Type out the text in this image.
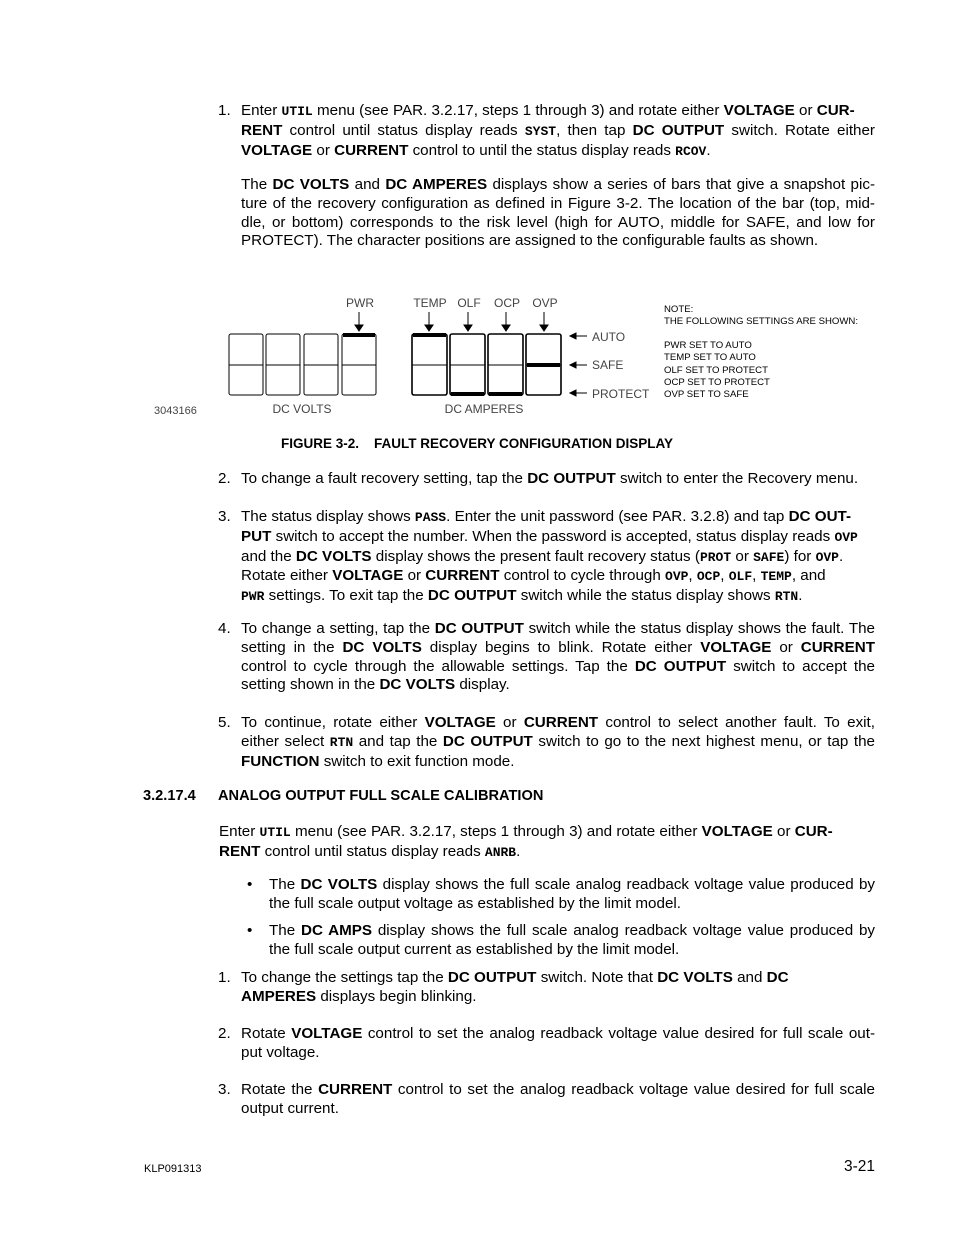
1. Enter UTIL menu (see PAR. 3.2.17, steps 1 through 3) and rotate either VOLTAGE or CUR-
RENT control until status display reads SYST, then tap DC OUTPUT switch. Rotate either VOLTAGE or CURRENT control to until the status display reads RCOV.
The DC VOLTS and DC AMPERES displays show a series of bars that give a snapshot pic-ture of the recovery configuration as defined in Figure 3-2. The location of the bar (top, mid-dle, or bottom) corresponds to the risk level (high for AUTO, middle for SAFE, and low for PROTECT). The character positions are assigned to the configurable faults as shown.
PWR	TEMP OLF OCP OVP
AUTO
SAFE
PROTECT
DC VOLTS	DC AMPERES
3043166
NOTE:
THE FOLLOWING SETTINGS ARE SHOWN:
PWR SET TO AUTO
TEMP SET TO AUTO
OLF SET TO PROTECT
OCP SET TO PROTECT
OVP SET TO SAFE
FIGURE 3-2.    FAULT RECOVERY CONFIGURATION DISPLAY
2. To change a fault recovery setting, tap the DC OUTPUT switch to enter the Recovery menu.
3. The status display shows PASS. Enter the unit password (see PAR. 3.2.8) and tap DC OUT-
PUT switch to accept the number. When the password is accepted, status display reads OVP
and the DC VOLTS display shows the present fault recovery status (PROT or SAFE) for OVP.
Rotate either VOLTAGE or CURRENT control to cycle through OVP, OCP, OLF, TEMP, and
PWR settings. To exit tap the DC OUTPUT switch while the status display shows RTN.
4. To change a setting, tap the DC OUTPUT switch while the status display shows the fault. The setting in the DC VOLTS display begins to blink. Rotate either VOLTAGE or CURRENT control to cycle through the allowable settings. Tap the DC OUTPUT switch to accept the setting shown in the DC VOLTS display.
5. To continue, rotate either VOLTAGE or CURRENT control to select another fault. To exit, either select RTN and tap the DC OUTPUT switch to go to the next highest menu, or tap the FUNCTION switch to exit function mode.
3.2.17.4 ANALOG OUTPUT FULL SCALE CALIBRATION
Enter UTIL menu (see PAR. 3.2.17, steps 1 through 3) and rotate either VOLTAGE or CUR-
RENT control until status display reads ANRB.
• The DC VOLTS display shows the full scale analog readback voltage value produced by the full scale output voltage as established by the limit model.
• The DC AMPS display shows the full scale analog readback voltage value produced by the full scale output current as established by the limit model.
1. To change the settings tap the DC OUTPUT switch. Note that DC VOLTS and DC
AMPERES displays begin blinking.
2. Rotate VOLTAGE control to set the analog readback voltage value desired for full scale out-put voltage.
3. Rotate the CURRENT control to set the analog readback voltage value desired for full scale output current.
KLP091313	3-21
